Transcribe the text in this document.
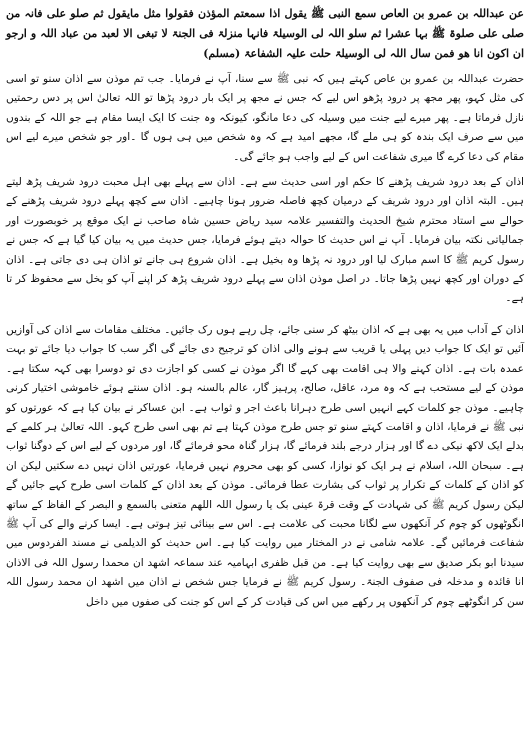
عن عبداللہ بن عمرو بن العاص سمع النبی ﷺ یقول اذا سمعتم المؤذن فقولوا مثل مایقول ثم صلو علی فانہ من صلی علی صلوۃ ﷺ بہا عشرا ثم سلو اللہ لی الوسیلۃ فانہا منزلۃ فی الجنۃ لا تبغی الا لعبد من عباد اللہ و ارجو ان اکون انا ھو فمن سال اللہ لی الوسیلۃ حلت علیہ الشفاعۃ (مسلم)

حضرت عبداللہ بن عمرو بن عاص کہتے ہیں کہ نبی ﷺ سے سنا، آپ نے فرمایا۔ جب تم موذن سے اذان سنو تو اسی کی مثل کہو، پھر مجھ پر درود پڑھو اس لیے کہ جس نے مجھ پر ایک بار درود پڑھا تو اللہ تعالیٰ اس پر دس رحمتیں نازل فرماتا ہے۔ پھر میرے لیے جنت میں وسیلہ کی دعا مانگو، کیونکہ وہ جنت کا ایک ایسا مقام ہے جو اللہ کے بندوں میں سے صرف ایک بندہ کو ہی ملے گا، مجھے امید ہے کہ وہ شخص میں ہی ہوں گا ۔اور جو شخص میرے لیے اس مقام کی دعا کرے گا میری شفاعت اس کے لیے واجب ہو جائے گی۔

اذان کے بعد درود شریف پڑھنے کا حکم اور اسی حدیث سے ہے۔ اذان سے پہلے بھی اہل محبت درود شریف پڑھ لیتے ہیں۔ البتہ اذان اور درود شریف کے درمیان کچھ فاصلہ ضرور ہونا چاہیے۔ اذان سے کچھ پہلے درود شریف پڑھنے کے حوالے سے استاد محترم شیخ الحدیث والتفسیر علامہ سید ریاض حسین شاہ صاحب نے ایک موقع پر خوبصورت اور جمالیاتی نکتہ بیان فرمایا۔ آپ نے اس حدیث کا حوالہ دیتے ہوئے فرمایا، جس حدیث میں یہ بیان کیا گیا ہے کہ جس نے رسول کریم ﷺ کا اسم مبارک لیا اور درود نہ پڑھا وہ بخیل ہے۔ اذان شروع ہی جانے تو اذان ہی دی جاتی ہے۔ اذان کے دوران اور کچھ نہیں پڑھا جاتا۔ در اصل موذن اذان سے پہلے درود شریف پڑھ کر اپنے آپ کو بخل سے محفوظ کر تا ہے۔

اذان کے آداب میں یہ بھی ہے کہ اذان بیٹھ کر سنی جائے، چل رہے ہوں رک جائیں۔ مختلف مقامات سے اذان کی آوازیں آئیں تو ایک کا جواب دیں پہلی یا قریب سے ہونے والی اذان کو ترجیح دی جائے گی اگر سب کا جواب دیا جائے تو بہت عمدہ بات ہے۔ اذان کہنے والا ہی اقامت بھی کہے گا اگر موذن نے کسی کو اجازت دی تو دوسرا بھی کہہ سکتا ہے۔ موذن کے لیے مستحب ہے کہ وہ مرد، عاقل، صالح، پرہیز گار، عالم بالسنہ ہو۔ اذان سنتے ہوئے خاموشی اختیار کرنی چاہیے۔ موذن جو کلمات کہے انہیں اسی طرح دہرانا باعث اجر و ثواب ہے۔ ابن عساکر نے بیان کیا ہے کہ عورتوں کو نبی ﷺ نے فرمایا، اذان و اقامت کہتے سنو تو جس طرح موذن کہتا ہے تم بھی اسی طرح کہو۔ اللہ تعالیٰ ہر کلمے کے بدلے ایک لاکھ نیکی دے گا اور ہزار درجے بلند فرمائے گا، ہزار گناہ محو فرمائے گا، اور مردوں کے لیے اس کے دوگنا ثواب ہے۔ سبحان اللہ، اسلام نے ہر ایک کو نوازا، کسی کو بھی محروم نہیں فرمایا، عورتیں اذان نہیں دے سکتیں لیکن ان کو اذان کے کلمات کے تکرار پر ثواب کی بشارت عطا فرمائی۔ موذن کے بعد اذان کے کلمات اسی طرح کہے جائیں گے لیکن رسول کریم ﷺ کی شہادت کے وقت قرۃ عینی بک یا رسول اللہ اللھم متعنی بالسمع و البصر کے الفاظ کے ساتھ انگوٹھوں کو چوم کر آنکھوں سے لگانا محبت کی علامت ہے۔ اس سے بینائی تیز ہوتی ہے۔ ایسا کرنے والے کی آپ ﷺ شفاعت فرمائیں گے۔ علامہ شامی نے در المختار میں روایت کیا ہے۔ اس حدیث کو الدیلمی نے مسند الفردوس میں سیدنا ابو بکر صدیق سے بھی روایت کیا ہے۔ من قبل ظفری ابہامیہ عند سماعہ اشھد ان محمدا رسول اللہ فی الاذان انا قائدہ و مدخلہ فی صفوف الجنۃ۔ رسول کریم ﷺ نے فرمایا جس شخص نے اذان میں اشھد ان محمد رسول اللہ سن کر انگوٹھے چوم کر آنکھوں پر رکھے میں اس کی قیادت کر کے اس کو جنت کی صفوں میں داخل
